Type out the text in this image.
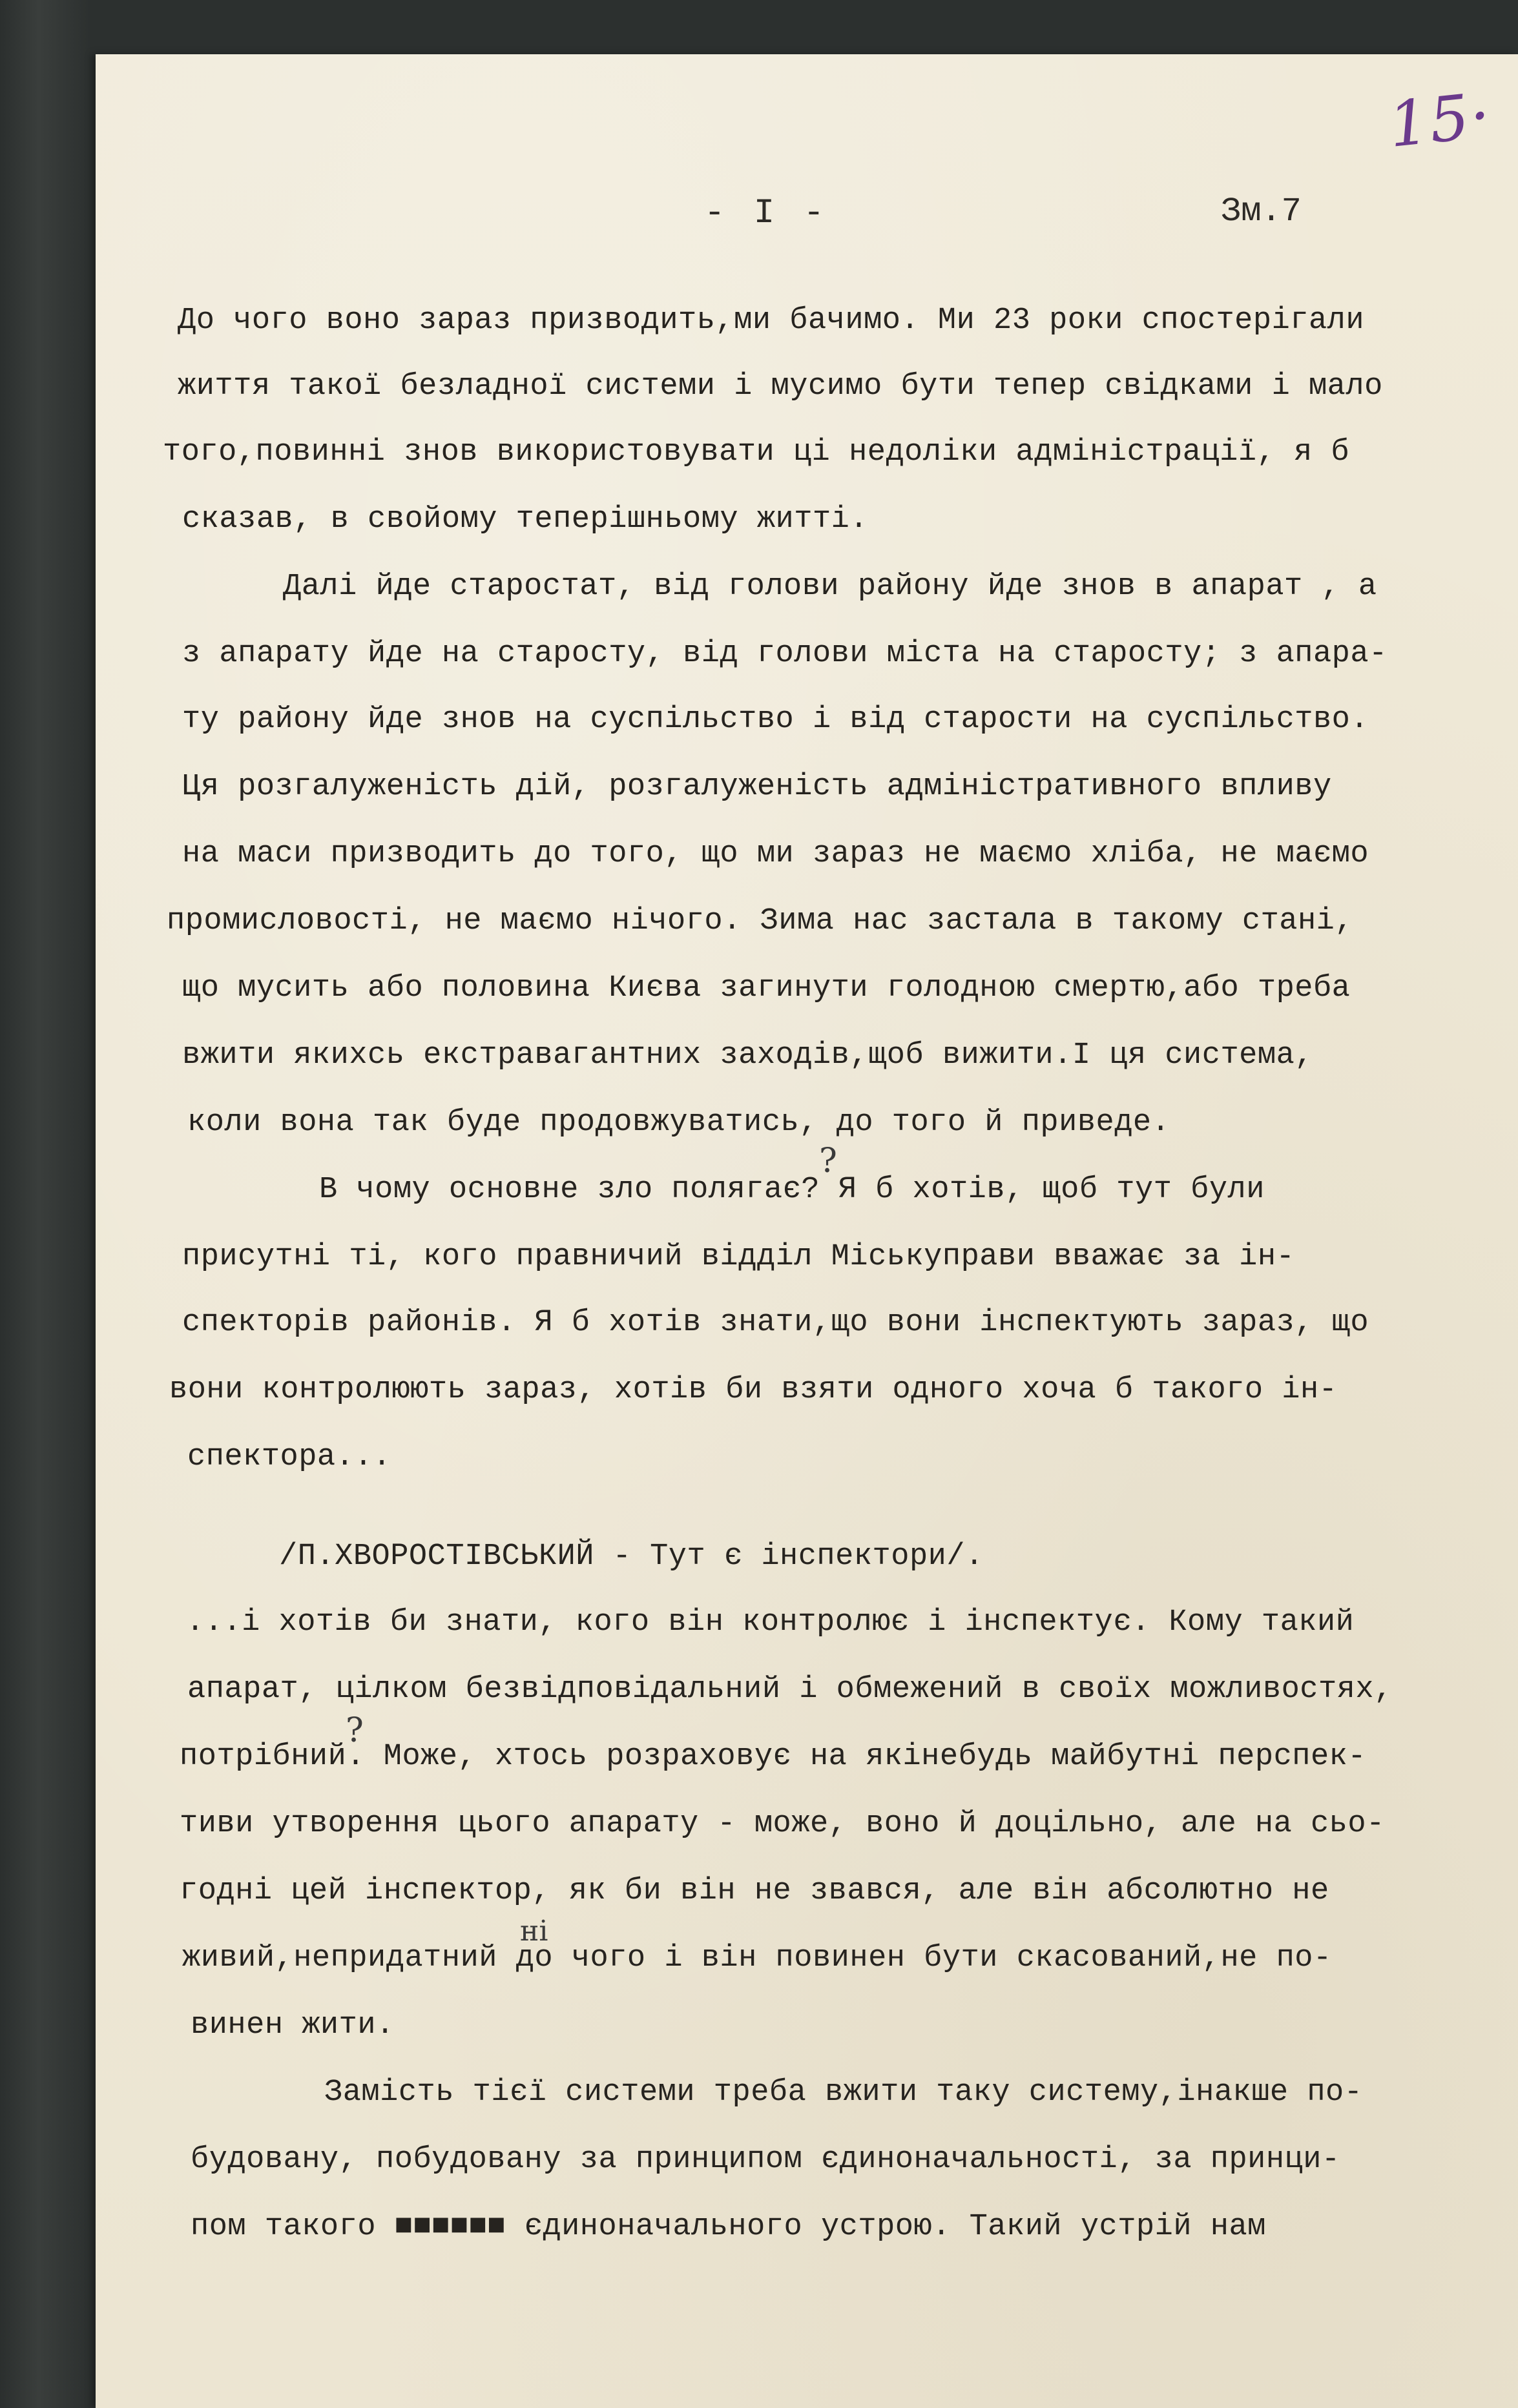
15·
- I -	Зм.7
До чого воно зараз призводить,ми бачимо. Ми 23 роки спостерігали
життя такої безладної системи і мусимо бути тепер свідками і мало
того,повинні знов використовувати ці недоліки адміністрації, я б
сказав, в свойому теперішньому житті.
Далі йде старостат, від голови району йде знов в апарат , а
з апарату йде на старосту, від голови міста на старосту; з апара-
ту району йде знов на суспільство і від старости на суспільство.
Ця розгалуженість дій, розгалуженість адміністративного впливу
на маси призводить до того, що ми зараз не маємо хліба, не маємо
промисловості, не маємо нічого. Зима нас застала в такому стані,
що мусить або половина Києва загинути голодною смертю,або треба
вжити якихсь екстравагантних заходів,щоб вижити.І ця система,
коли вона так буде продовжуватись, до того й приведе.
В чому основне зло полягає? Я б хотів, щоб тут були
присутні ті, кого правничий відділ Міськуправи вважає за ін-
спекторів районів. Я б хотів знати,що вони інспектують зараз, що
вони контролюють зараз, хотів би взяти одного хоча б такого ін-
спектора...
/П.ХВОРОСТІВСЬКИЙ - Тут є інспектори/.
...і хотів би знати, кого він контролює і інспектує. Кому такий
апарат, цілком безвідповідальний і обмежений в своїх можливостях,
потрібний. Може, хтось розраховує на якінебудь майбутні перспек-
тиви утворення цього апарату - може, воно й доцільно, але на сьо-
годні цей інспектор, як би він не звався, але він абсолютно не
ні
живий,непридатний до чого і він повинен бути скасований,не по-
винен жити.
Замість тієї системи треба вжити таку систему,інакше по-
будовану, побудовану за принципом єдиноначальності, за принци-
пом такого ■■■■■■ єдиноначального устрою. Такий устрій нам
?
?
